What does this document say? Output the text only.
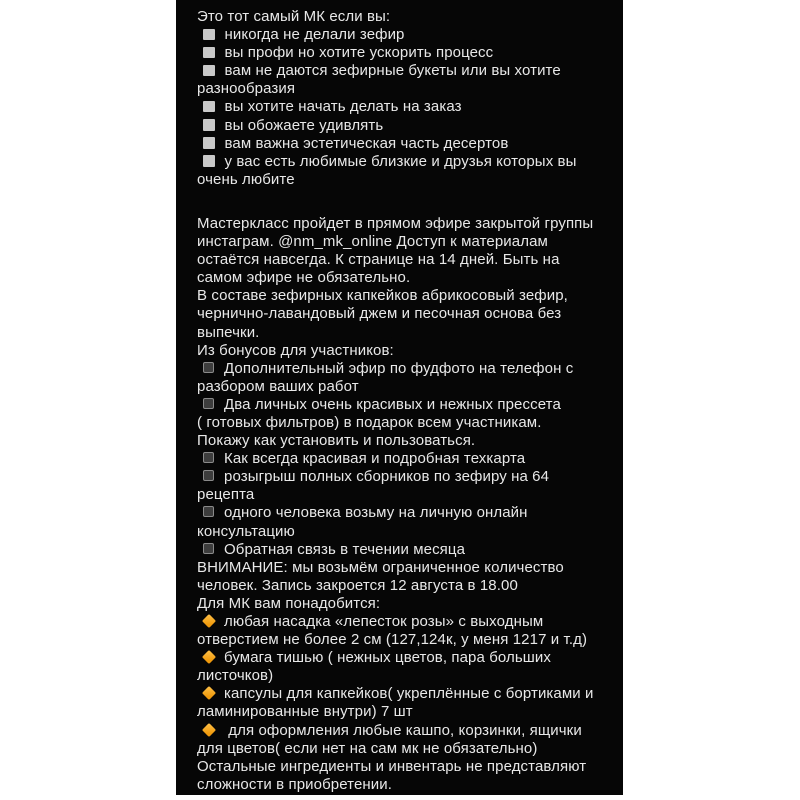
Это тот самый МК если вы:
никогда не делали зефир
вы профи но хотите ускорить процесс
вам не даются зефирные букеты или вы хотите
разнообразия
вы хотите начать делать на заказ
вы обожаете удивлять
вам важна эстетическая часть десертов
у вас есть любимые близкие и друзья которых вы
очень любите
Мастеркласс пройдет в прямом эфире закрытой группы
инстаграм. @nm_mk_online Доступ к материалам
остаётся навсегда. К странице на 14 дней. Быть на
самом эфире не обязательно.
В составе зефирных капкейков абрикосовый зефир,
чернично-лавандовый джем и песочная основа без
выпечки.
Из бонусов для участников:
Дополнительный эфир по фудфото на телефон с
разбором ваших работ
Два личных очень красивых и нежных прессета
( готовых фильтров) в подарок всем участникам.
Покажу как установить и пользоваться.
Как всегда красивая и подробная техкарта
розыгрыш полных сборников по зефиру на 64
рецепта
одного человека возьму на личную онлайн
консультацию
Обратная связь в течении месяца
ВНИМАНИЕ: мы возьмём ограниченное количество
человек. Запись закроется 12 августа в 18.00
Для МК вам понадобится:
любая насадка «лепесток розы» с выходным
отверстием не более 2 см (127,124к, у меня 1217 и т.д)
бумага тишью ( нежных цветов, пара больших
листочков)
капсулы для капкейков( укреплённые с бортиками и
ламинированные внутри) 7 шт
для оформления любые кашпо, корзинки, ящички
для цветов( если нет на сам мк не обязательно)
Остальные ингредиенты и инвентарь не представляют
сложности в приобретении.
